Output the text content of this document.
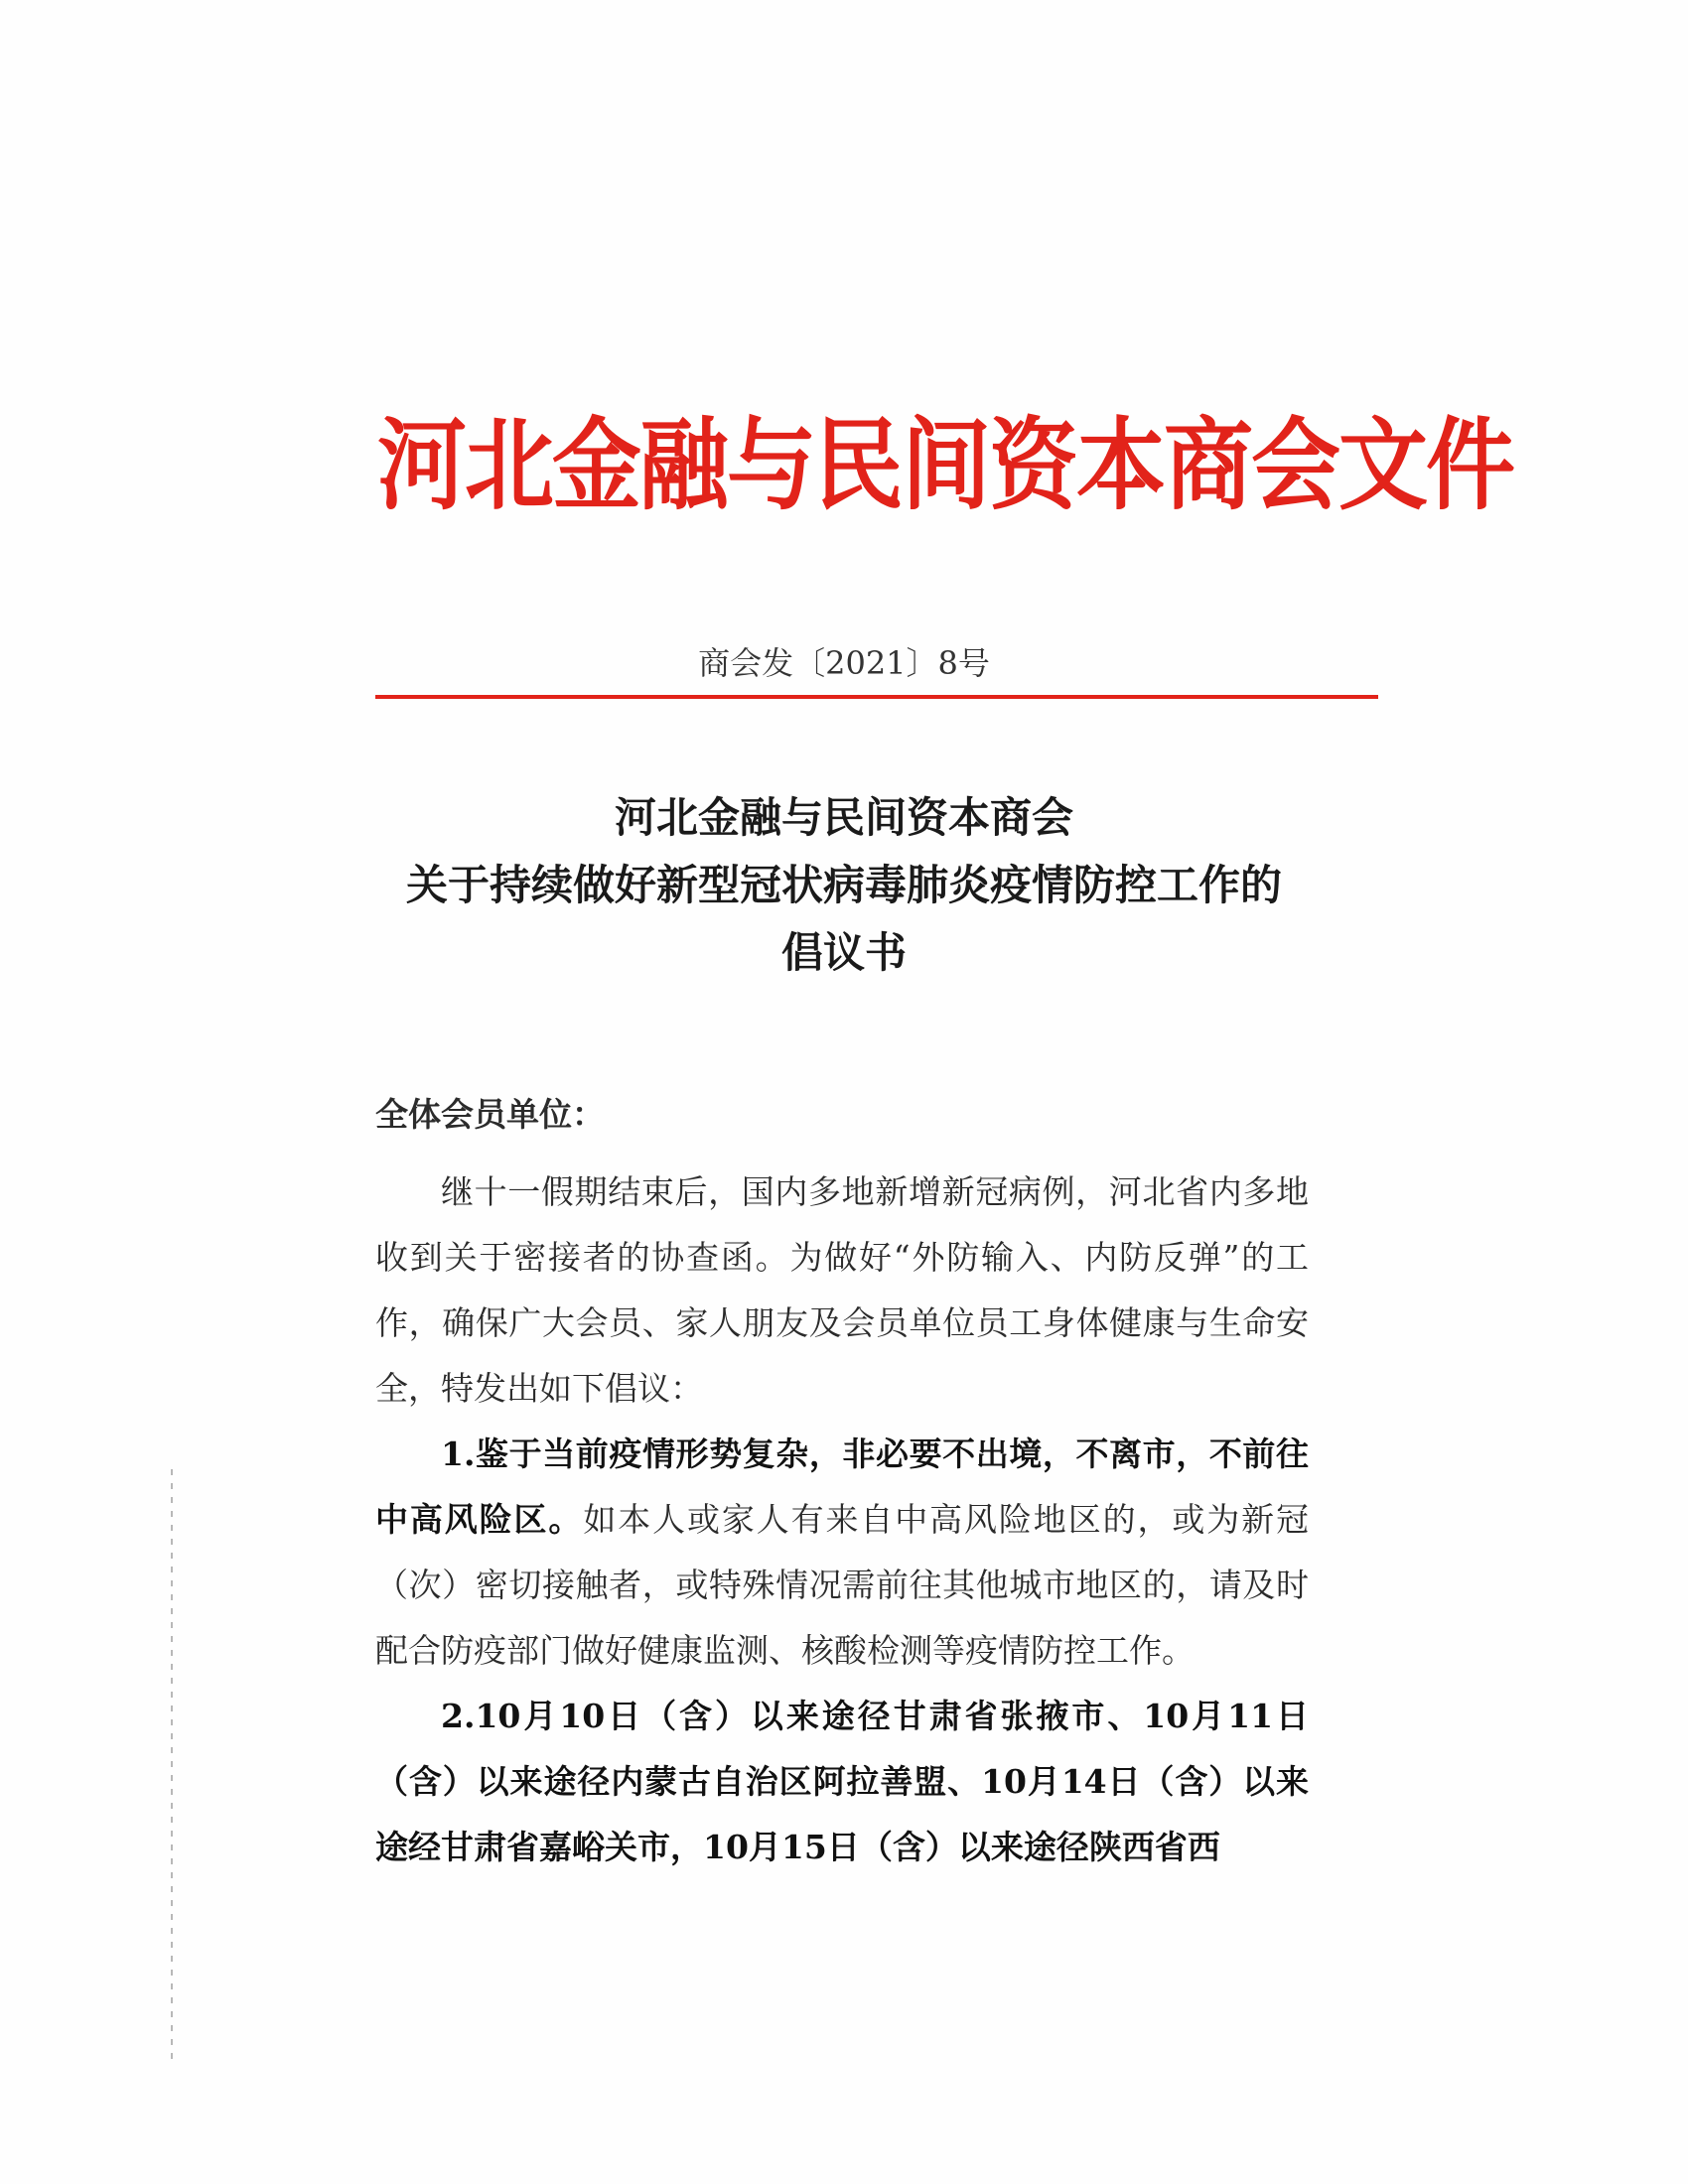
河北金融与民间资本商会文件
商会发〔2021〕8号
河北金融与民间资本商会
关于持续做好新型冠状病毒肺炎疫情防控工作的
倡议书
全体会员单位：

继十一假期结束后，国内多地新增新冠病例，河北省内多地收到关于密接者的协查函。为做好“外防输入、内防反弹”的工作，确保广大会员、家人朋友及会员单位员工身体健康与生命安全，特发出如下倡议：

1.鉴于当前疫情形势复杂，非必要不出境，不离市，不前往中高风险区。如本人或家人有来自中高风险地区的，或为新冠（次）密切接触者，或特殊情况需前往其他城市地区的，请及时配合防疫部门做好健康监测、核酸检测等疫情防控工作。

2.10月10日（含）以来途径甘肃省张掖市、10月11日（含）以来途径内蒙古自治区阿拉善盟、10月14日（含）以来途经甘肃省嘉峪关市，10月15日（含）以来途径陕西省西
